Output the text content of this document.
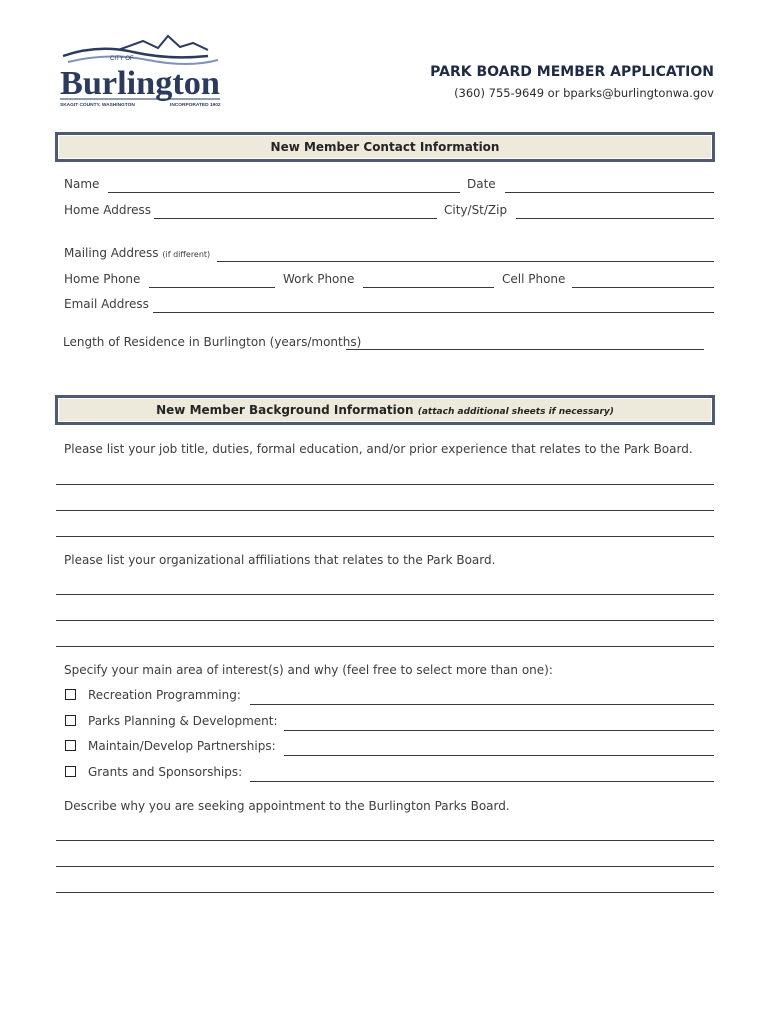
CITY OF
Burlington
SKAGIT COUNTY, WASHINGTON	INCORPORATED 1902
PARK BOARD MEMBER APPLICATION
(360) 755-9649 or bparks@burlingtonwa.gov
New Member Contact Information
Name	Date
Home Address	City/St/Zip
Mailing Address (if different)
Home Phone	Work Phone	Cell Phone
Email Address
Length of Residence in Burlington (years/months)
New Member Background Information (attach additional sheets if necessary)
Please list your job title, duties, formal education, and/or prior experience that relates to the Park Board.
Please list your organizational affiliations that relates to the Park Board.
Specify your main area of interest(s) and why (feel free to select more than one):
Recreation Programming:
Parks Planning & Development:
Maintain/Develop Partnerships:
Grants and Sponsorships:
Describe why you are seeking appointment to the Burlington Parks Board.
